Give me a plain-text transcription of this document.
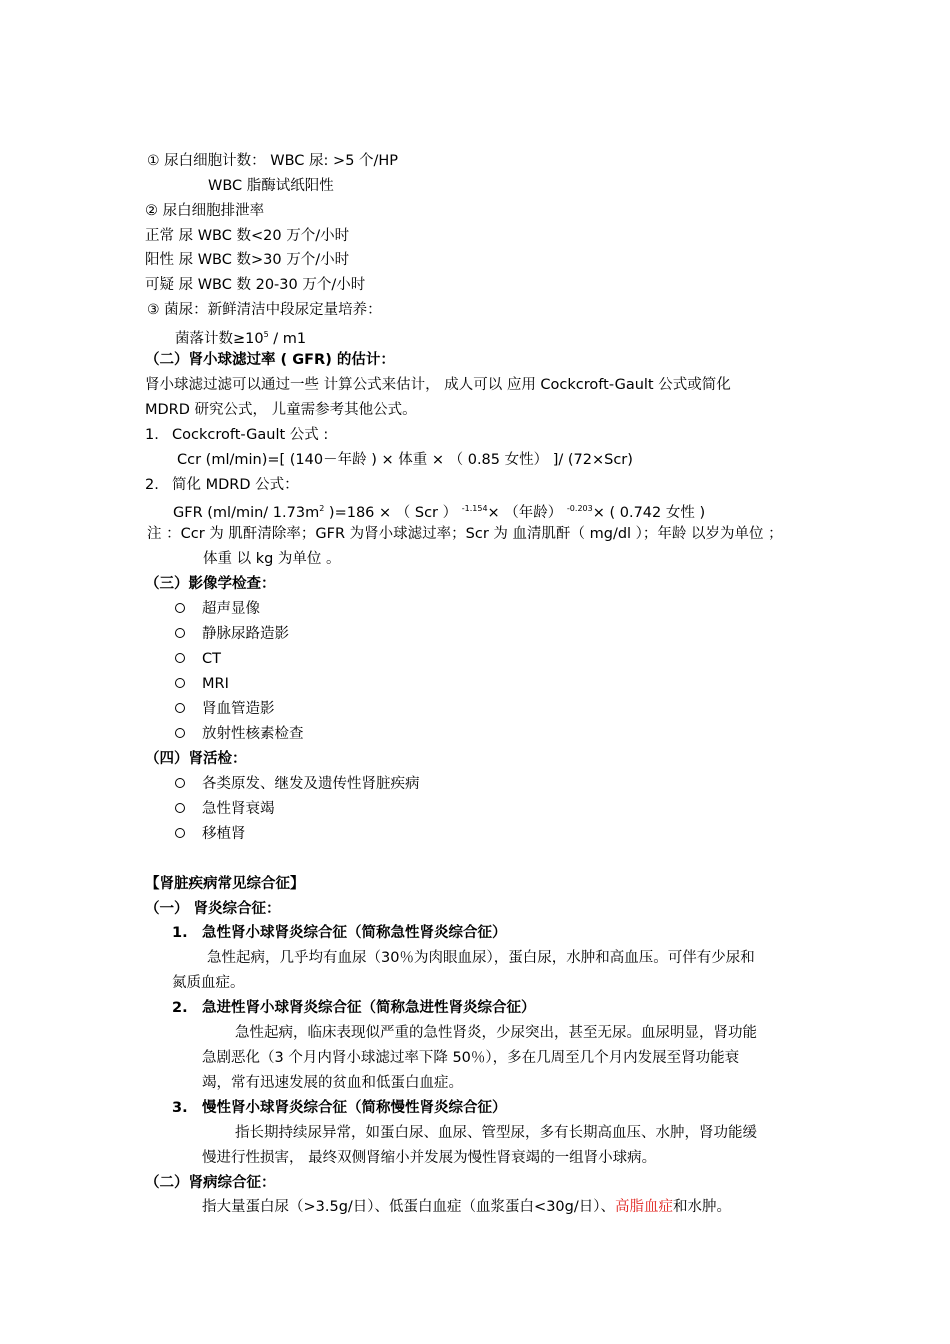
① 尿白细胞计数： WBC 尿: >5 个/HP
WBC 脂酶试纸阳性
② 尿白细胞排泄率
正常 尿 WBC 数<20 万个/小时
阳性 尿 WBC 数>30 万个/小时
可疑 尿 WBC 数 20-30 万个/小时
③ 菌尿：新鲜清洁中段尿定量培养：
菌落计数$\ge 10^5 / m1$
（二）肾小球滤过率 ( GFR) 的估计：
肾小球滤过滤可以通过一些 计算公式来估计， 成人可以 应用 Cockcroft-Gault 公式或简化
MDRD 研究公式， 儿童需参考其他公式。
1. Cockcroft-Gault 公式 :
Ccr (ml/min)=[ (140－年龄 ) × 体重 × （ 0.85 女性） ]/ (72×Scr)
2. 简化 MDRD 公式：
GFR (ml/min/ $1.73m^2$ )=186 × （ Scr ） $^{-1.154}$× （年龄） $^{-0.203}$× ( 0.742 女性 )
注 ：Ccr 为 肌酐清除率；GFR 为肾小球滤过率；Scr 为 血清肌酐（ mg/dl ）；年龄 以岁为单位 ；
体重 以 kg 为单位 。
（三）影像学检查：
超声显像
静脉尿路造影
CT
MRI
肾血管造影
放射性核素检查
（四）肾活检：
各类原发、继发及遗传性肾脏疾病
急性肾衰竭
移植肾
【肾脏疾病常见综合征】
（一） 肾炎综合征：
1. 急性肾小球肾炎综合征（简称急性肾炎综合征）
急性起病，几乎均有血尿（30％为肉眼血尿），蛋白尿，水肿和高血压。可伴有少尿和
氮质血症。
2. 急进性肾小球肾炎综合征（简称急进性肾炎综合征）
急性起病，临床表现似严重的急性肾炎，少尿突出，甚至无尿。血尿明显，肾功能
急剧恶化（3 个月内肾小球滤过率下降 50％），多在几周至几个月内发展至肾功能衰
竭，常有迅速发展的贫血和低蛋白血症。
3. 慢性肾小球肾炎综合征（简称慢性肾炎综合征）
指长期持续尿异常，如蛋白尿、血尿、管型尿，多有长期高血压、水肿，肾功能缓
慢进行性损害， 最终双侧肾缩小并发展为慢性肾衰竭的一组肾小球病。
（二）肾病综合征：
指大量蛋白尿（>3.5g/日）、低蛋白血症（血浆蛋白<30g/日）、高脂血症和水肿。
